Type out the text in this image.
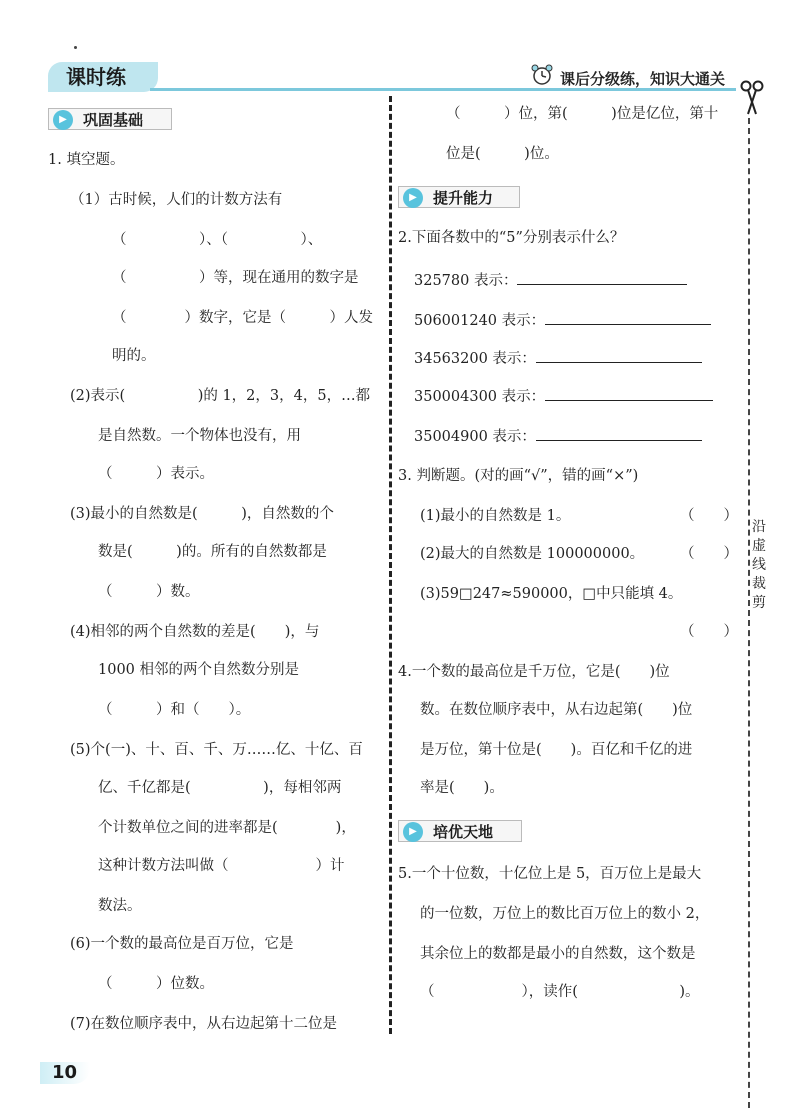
课时练	课后分级练，知识大通关
沿虚线裁剪
▶	巩固基础
1. 填空题。
（1）古时候，人们的计数方法有
（　　　　　）、（　　　　　）、
（　　　　　）等，现在通用的数字是
（　　　　）数字，它是（　　　）人发
明的。
(2)表示(　　　　　)的 1，2，3，4，5，…都
是自然数。一个物体也没有，用
（　　　）表示。
(3)最小的自然数是(　　　)，自然数的个
数是(　　　)的。所有的自然数都是
（　　　）数。
(4)相邻的两个自然数的差是(　　)，与
1000 相邻的两个自然数分别是
（　　　）和（　　）。
(5)个(一)、十、百、千、万……亿、十亿、百
亿、千亿都是(　　　　　)，每相邻两
个计数单位之间的进率都是(　　　　)，
这种计数方法叫做（　　　　　　）计
数法。
(6)一个数的最高位是百万位，它是
（　　　）位数。
(7)在数位顺序表中，从右边起第十二位是
（　　　）位，第(　　　)位是亿位，第十
位是(　　　)位。
▶	提升能力
2.下面各数中的“5”分别表示什么？
325780 表示：
506001240 表示：
34563200 表示：
350004300 表示：
35004900 表示：
3. 判断题。(对的画“√”，错的画“×”)
(1)最小的自然数是 1。	（　　）
(2)最大的自然数是 100000000。 （　　）
(3)59□247≈590000，□中只能填 4。
（　　）
4.一个数的最高位是千万位，它是(　　)位
数。在数位顺序表中，从右边起第(　　)位
是万位，第十位是(　　)。百亿和千亿的进
率是(　　)。
▶	培优天地
5.一个十位数，十亿位上是 5，百万位上是最大
的一位数，万位上的数比百万位上的数小 2，
其余位上的数都是最小的自然数，这个数是
（　　　　　　），读作(　　　　　　　)。
10
